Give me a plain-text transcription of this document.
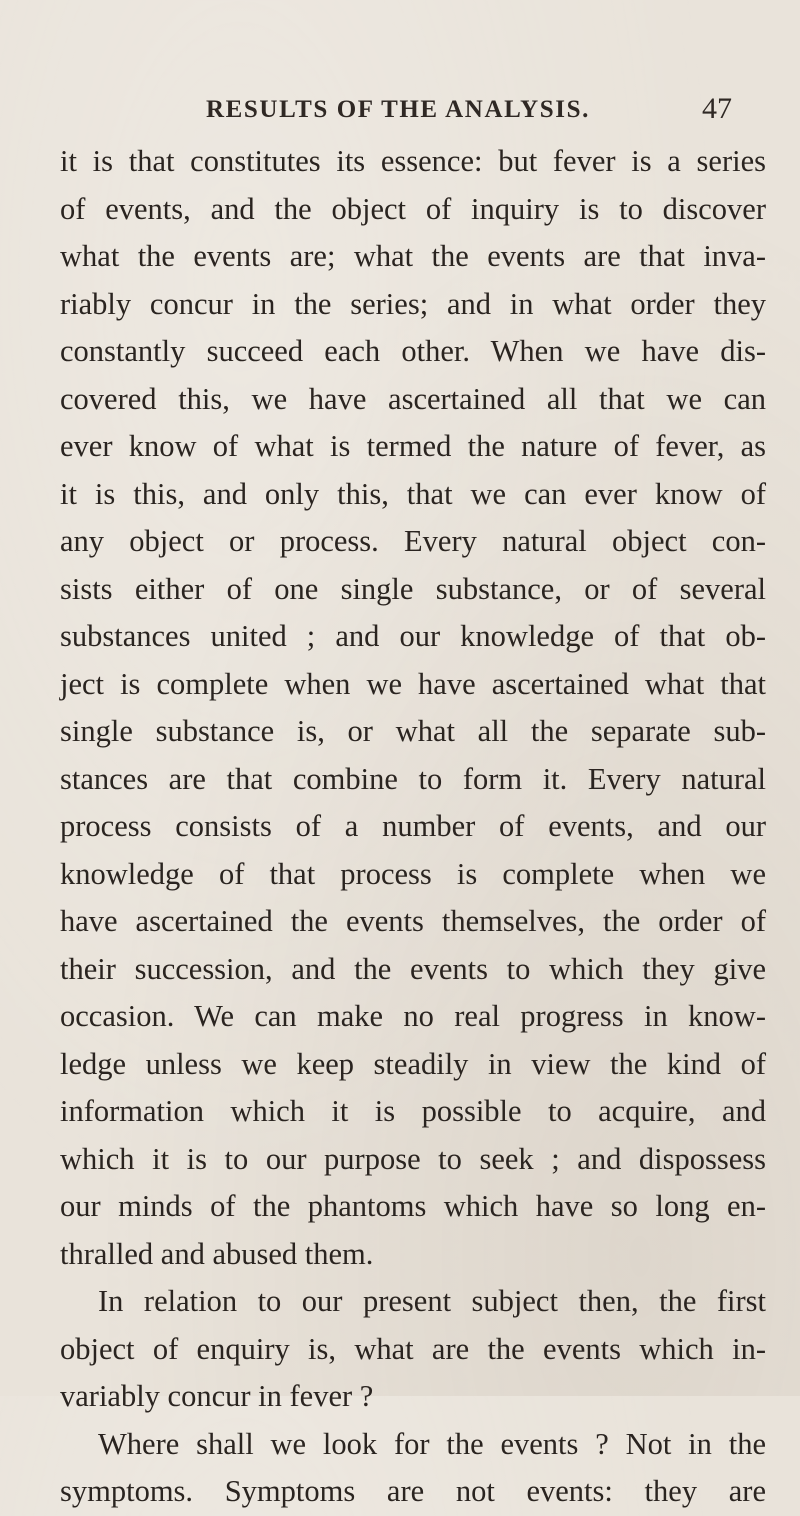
RESULTS OF THE ANALYSIS.	47
it is that constitutes its essence: but fever is a series
of events, and the object of inquiry is to discover
what the events are; what the events are that inva-
riably concur in the series; and in what order they
constantly succeed each other. When we have dis-
covered this, we have ascertained all that we can
ever know of what is termed the nature of fever, as
it is this, and only this, that we can ever know of
any object or process. Every natural object con-
sists either of one single substance, or of several
substances united ; and our knowledge of that ob-
ject is complete when we have ascertained what that
single substance is, or what all the separate sub-
stances are that combine to form it. Every natural
process consists of a number of events, and our
knowledge of that process is complete when we
have ascertained the events themselves, the order of
their succession, and the events to which they give
occasion. We can make no real progress in know-
ledge unless we keep steadily in view the kind of
information which it is possible to acquire, and
which it is to our purpose to seek ; and dispossess
our minds of the phantoms which have so long en-
thralled and abused them.
In relation to our present subject then, the first
object of enquiry is, what are the events which in-
variably concur in fever ?
Where shall we look for the events ? Not in the
symptoms. Symptoms are not events: they are
